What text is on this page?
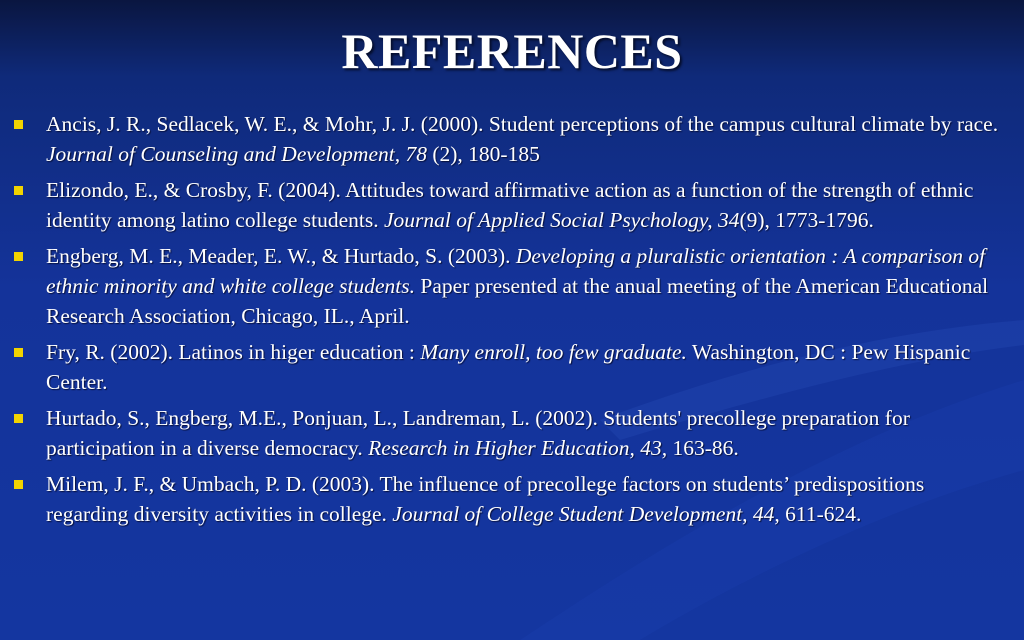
REFERENCES
Ancis, J. R., Sedlacek, W. E., & Mohr, J. J. (2000). Student perceptions of the campus cultural climate by race. Journal of Counseling and Development, 78 (2), 180-185
Elizondo, E., & Crosby, F. (2004). Attitudes toward affirmative action as a function of the strength of ethnic identity among latino college students. Journal of Applied Social Psychology, 34(9), 1773-1796.
Engberg, M. E., Meader, E. W., & Hurtado, S. (2003). Developing a pluralistic orientation : A comparison of ethnic minority and white college students. Paper presented at the anual meeting of the American Educational Research Association, Chicago, IL., April.
Fry, R. (2002). Latinos in higer education : Many enroll, too few graduate. Washington, DC : Pew Hispanic Center.
Hurtado, S., Engberg, M.E., Ponjuan, L., Landreman, L. (2002). Students' precollege preparation for participation in a diverse democracy. Research in Higher Education, 43, 163-86.
Milem, J. F., & Umbach, P. D. (2003). The influence of precollege factors on students’ predispositions regarding diversity activities in college. Journal of College Student Development, 44, 611-624.
